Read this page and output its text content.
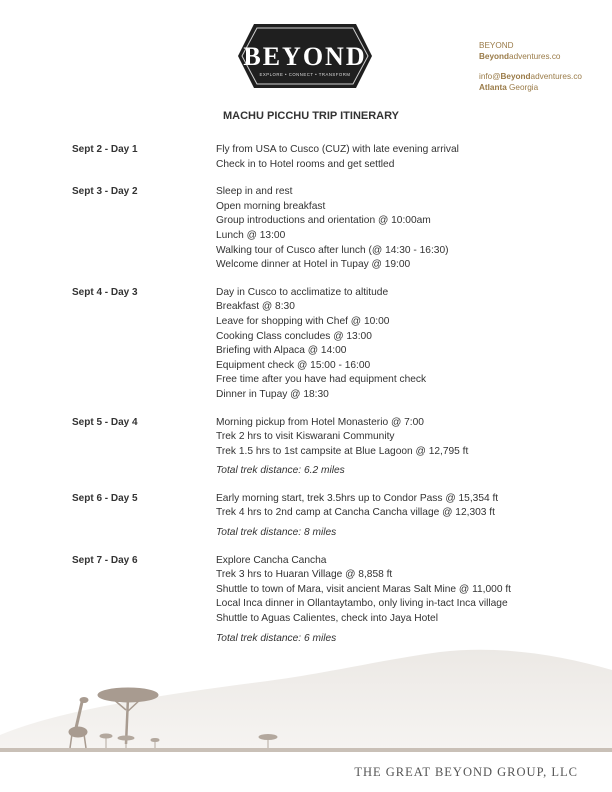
BEYOND
EXPLORE • CONNECT • TRANSFORM
BEYOND
Beyondadventures.co
info@Beyondadventures.co
Atlanta Georgia
MACHU PICCHU TRIP ITINERARY
Sept 2 - Day 1	Fly from USA to Cusco (CUZ) with late evening arrival
Check in to Hotel rooms and get settled
Sept 3 - Day 2	Sleep in and rest
Open morning breakfast
Group introductions and orientation @ 10:00am
Lunch @ 13:00
Walking tour of Cusco after lunch (@ 14:30 - 16:30)
Welcome dinner at Hotel in Tupay @ 19:00
Sept 4 - Day 3	Day in Cusco to acclimatize to altitude
Breakfast @ 8:30
Leave for shopping with Chef @ 10:00
Cooking Class concludes @ 13:00
Briefing with Alpaca @ 14:00
Equipment check @ 15:00 - 16:00
Free time after you have had equipment check
Dinner in Tupay @ 18:30
Sept 5 - Day 4	Morning pickup from Hotel Monasterio @ 7:00
Trek 2 hrs to visit Kiswarani Community
Trek 1.5 hrs to 1st campsite at Blue Lagoon @ 12,795 ft
Total trek distance: 6.2 miles
Sept 6 - Day 5	Early morning start, trek 3.5hrs up to Condor Pass @ 15,354 ft
Trek 4 hrs to 2nd camp at Cancha Cancha village @ 12,303 ft
Total trek distance: 8 miles
Sept 7 - Day 6	Explore Cancha Cancha
Trek 3 hrs to Huaran Village @ 8,858 ft
Shuttle to town of Mara, visit ancient Maras Salt Mine @ 11,000 ft
Local Inca dinner in Ollantaytambo, only living in-tact Inca village
Shuttle to Aguas Calientes, check into Jaya Hotel
Total trek distance: 6 miles
THE GREAT BEYOND GROUP, LLC
